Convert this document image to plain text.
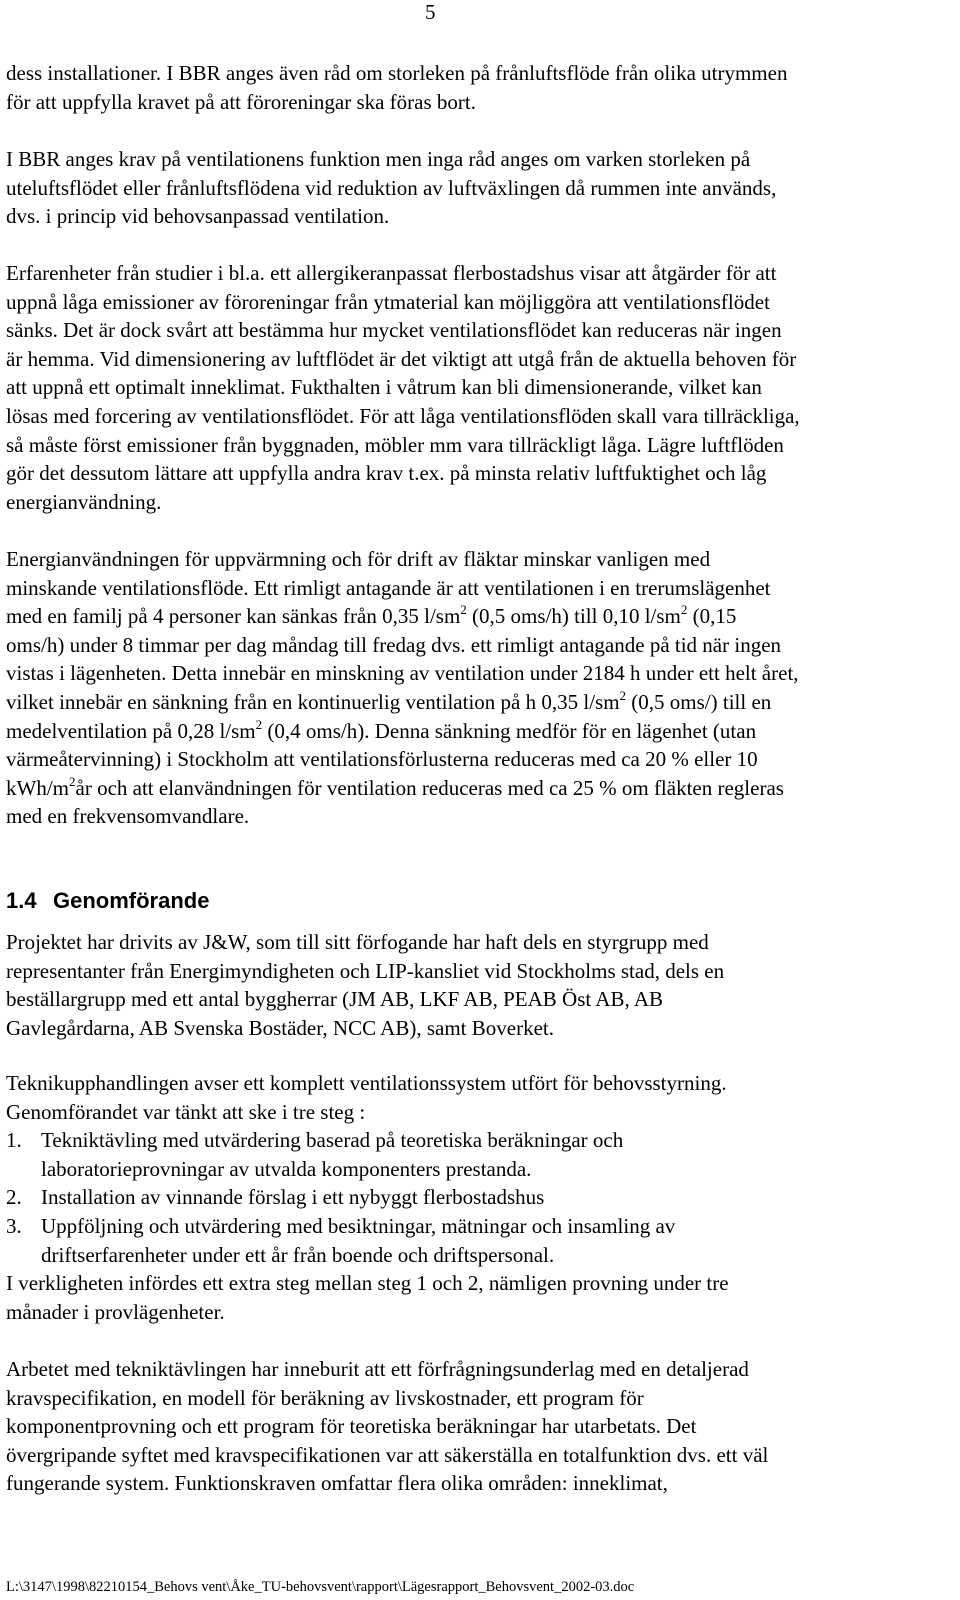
5
dess installationer. I BBR anges även råd om storleken på frånluftsflöde från olika utrymmen
för att uppfylla kravet på att föroreningar ska föras bort.
I BBR anges krav på ventilationens funktion men inga råd anges om varken storleken på
uteluftsflödet eller frånluftsflödena vid reduktion av luftväxlingen då rummen inte används,
dvs. i princip vid behovsanpassad ventilation.
Erfarenheter från studier i bl.a. ett allergikeranpassat flerbostadshus visar att åtgärder för att
uppnå låga emissioner av föroreningar från ytmaterial kan möjliggöra att ventilationsflödet
sänks. Det är dock svårt att bestämma hur mycket ventilationsflödet kan reduceras när ingen
är hemma. Vid dimensionering av luftflödet är det viktigt att utgå från de aktuella behoven för
att uppnå ett optimalt inneklimat. Fukthalten i våtrum kan bli dimensionerande, vilket kan
lösas med forcering av ventilationsflödet. För att låga ventilationsflöden skall vara tillräckliga,
så måste först emissioner från byggnaden, möbler mm vara tillräckligt låga. Lägre luftflöden
gör det dessutom lättare att uppfylla andra krav t.ex. på minsta relativ luftfuktighet och låg
energianvändning.
Energianvändningen för uppvärmning och för drift av fläktar minskar vanligen med
minskande ventilationsflöde. Ett rimligt antagande är att ventilationen i en trerumslägenhet
med en familj på 4 personer kan sänkas från 0,35 $l/sm^2$ (0,5 oms/h) till 0,10 $l/sm^2$ (0,15
oms/h) under 8 timmar per dag måndag till fredag dvs. ett rimligt antagande på tid när ingen
vistas i lägenheten. Detta innebär en minskning av ventilation under 2184 h under ett helt året,
vilket innebär en sänkning från en kontinuerlig ventilation på h 0,35 $l/sm^2$ (0,5 oms/) till en
medelventilation på 0,28 $l/sm^2$ (0,4 oms/h). Denna sänkning medför för en lägenhet (utan
värmeåtervinning) i Stockholm att ventilationsförlusterna reduceras med ca 20 % eller 10
kWh/$m^2år$ och att elanvändningen för ventilation reduceras med ca 25 % om fläkten regleras
med en frekvensomvandlare.
1.4 Genomförande
Projektet har drivits av J&W, som till sitt förfogande har haft dels en styrgrupp med
representanter från Energimyndigheten och LIP-kansliet vid Stockholms stad, dels en
beställargrupp med ett antal byggherrar (JM AB, LKF AB, PEAB Öst AB, AB
Gavlegårdarna, AB Svenska Bostäder, NCC AB), samt Boverket.
Teknikupphandlingen avser ett komplett ventilationssystem utfört för behovsstyrning.
Genomförandet var tänkt att ske i tre steg :
1. Tekniktävling med utvärdering baserad på teoretiska beräkningar och
laboratorieprovningar av utvalda komponenters prestanda.
2. Installation av vinnande förslag i ett nybyggt flerbostadshus
3. Uppföljning och utvärdering med besiktningar, mätningar och insamling av
driftserfarenheter under ett år från boende och driftspersonal.
I verkligheten infördes ett extra steg mellan steg 1 och 2, nämligen provning under tre
månader i provlägenheter.
Arbetet med tekniktävlingen har inneburit att ett förfrågningsunderlag med en detaljerad
kravspecifikation, en modell för beräkning av livskostnader, ett program för
komponentprovning och ett program för teoretiska beräkningar har utarbetats. Det
övergripande syftet med kravspecifikationen var att säkerställa en totalfunktion dvs. ett väl
fungerande system. Funktionskraven omfattar flera olika områden: inneklimat,
L:\3147\1998\82210154_Behovs vent\Åke_TU-behovsvent\rapport\Lägesrapport_Behovsvent_2002-03.doc
